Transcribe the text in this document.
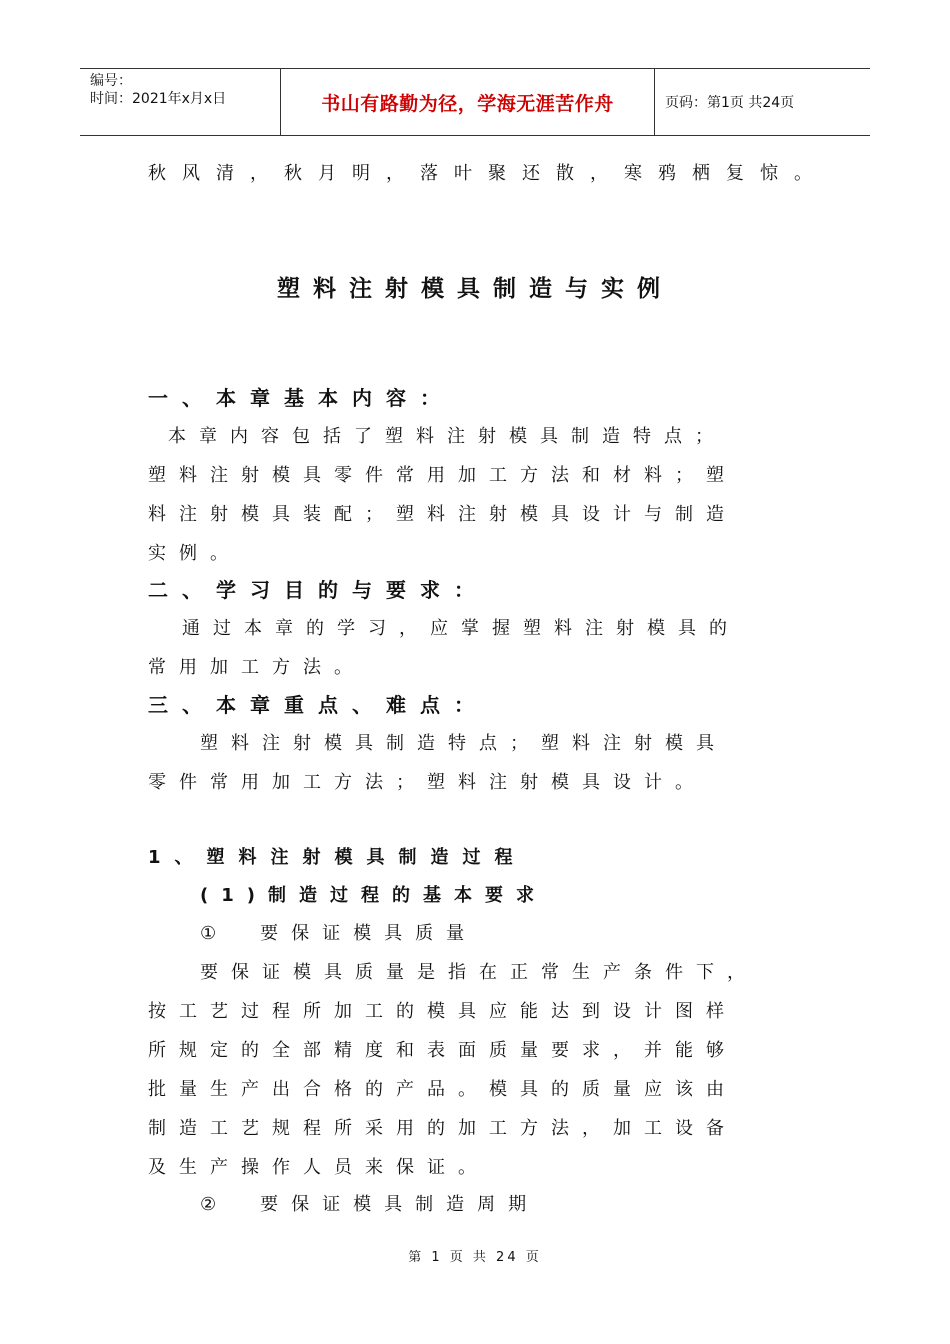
编号：
时间：2021年x月x日	书山有路勤为径，学海无涯苦作舟	页码：第1页 共24页

秋风清，秋月明，落叶聚还散，寒鸦栖复惊。

塑料注射模具制造与实例

一、本章基本内容：

本章内容包括了塑料注射模具制造特点；

塑料注射模具零件常用加工方法和材料；塑

料注射模具装配；塑料注射模具设计与制造

实例。

二、学习目的与要求：

通过本章的学习，应掌握塑料注射模具的

常用加工方法。

三、本章重点、难点：

塑料注射模具制造特点；塑料注射模具

零件常用加工方法；塑料注射模具设计。

1、塑料注射模具制造过程

(1)制造过程的基本要求

①　要保证模具质量

要保证模具质量是指在正常生产条件下，

按工艺过程所加工的模具应能达到设计图样

所规定的全部精度和表面质量要求，并能够

批量生产出合格的产品。模具的质量应该由

制造工艺规程所采用的加工方法，加工设备

及生产操作人员来保证。

②　要保证模具制造周期

第 1 页 共 24 页
